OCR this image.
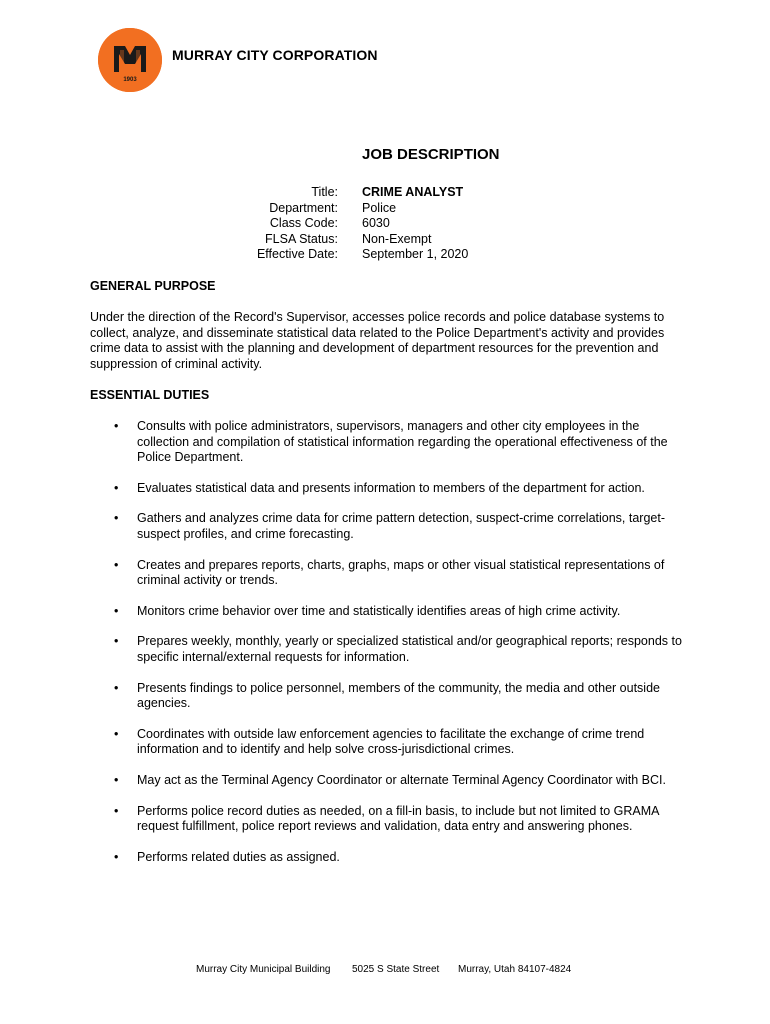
1903
MURRAY CITY CORPORATION
JOB DESCRIPTION
Title:
Department:
Class Code:
FLSA Status:
Effective Date:
CRIME ANALYST
Police
6030
Non-Exempt
September 1, 2020
GENERAL PURPOSE
Under the direction of the Record's Supervisor, accesses police records and police database systems to collect, analyze, and disseminate statistical data related to the Police Department's activity and provides crime data to assist with the planning and development of department resources for the prevention and suppression of criminal activity.
ESSENTIAL DUTIES
• Consults with police administrators, supervisors, managers and other city employees in the collection and compilation of statistical information regarding the operational effectiveness of the Police Department.
• Evaluates statistical data and presents information to members of the department for action.
• Gathers and analyzes crime data for crime pattern detection, suspect-crime correlations, target-suspect profiles, and crime forecasting.
• Creates and prepares reports, charts, graphs, maps or other visual statistical representations of criminal activity or trends.
• Monitors crime behavior over time and statistically identifies areas of high crime activity.
• Prepares weekly, monthly, yearly or specialized statistical and/or geographical reports; responds to specific internal/external requests for information.
• Presents findings to police personnel, members of the community, the media and other outside agencies.
• Coordinates with outside law enforcement agencies to facilitate the exchange of crime trend information and to identify and help solve cross-jurisdictional crimes.
• May act as the Terminal Agency Coordinator or alternate Terminal Agency Coordinator with BCI.
• Performs police record duties as needed, on a fill-in basis, to include but not limited to GRAMA request fulfillment, police report reviews and validation, data entry and answering phones.
• Performs related duties as assigned.
Murray City Municipal Building 5025 S State Street Murray, Utah 84107-4824
